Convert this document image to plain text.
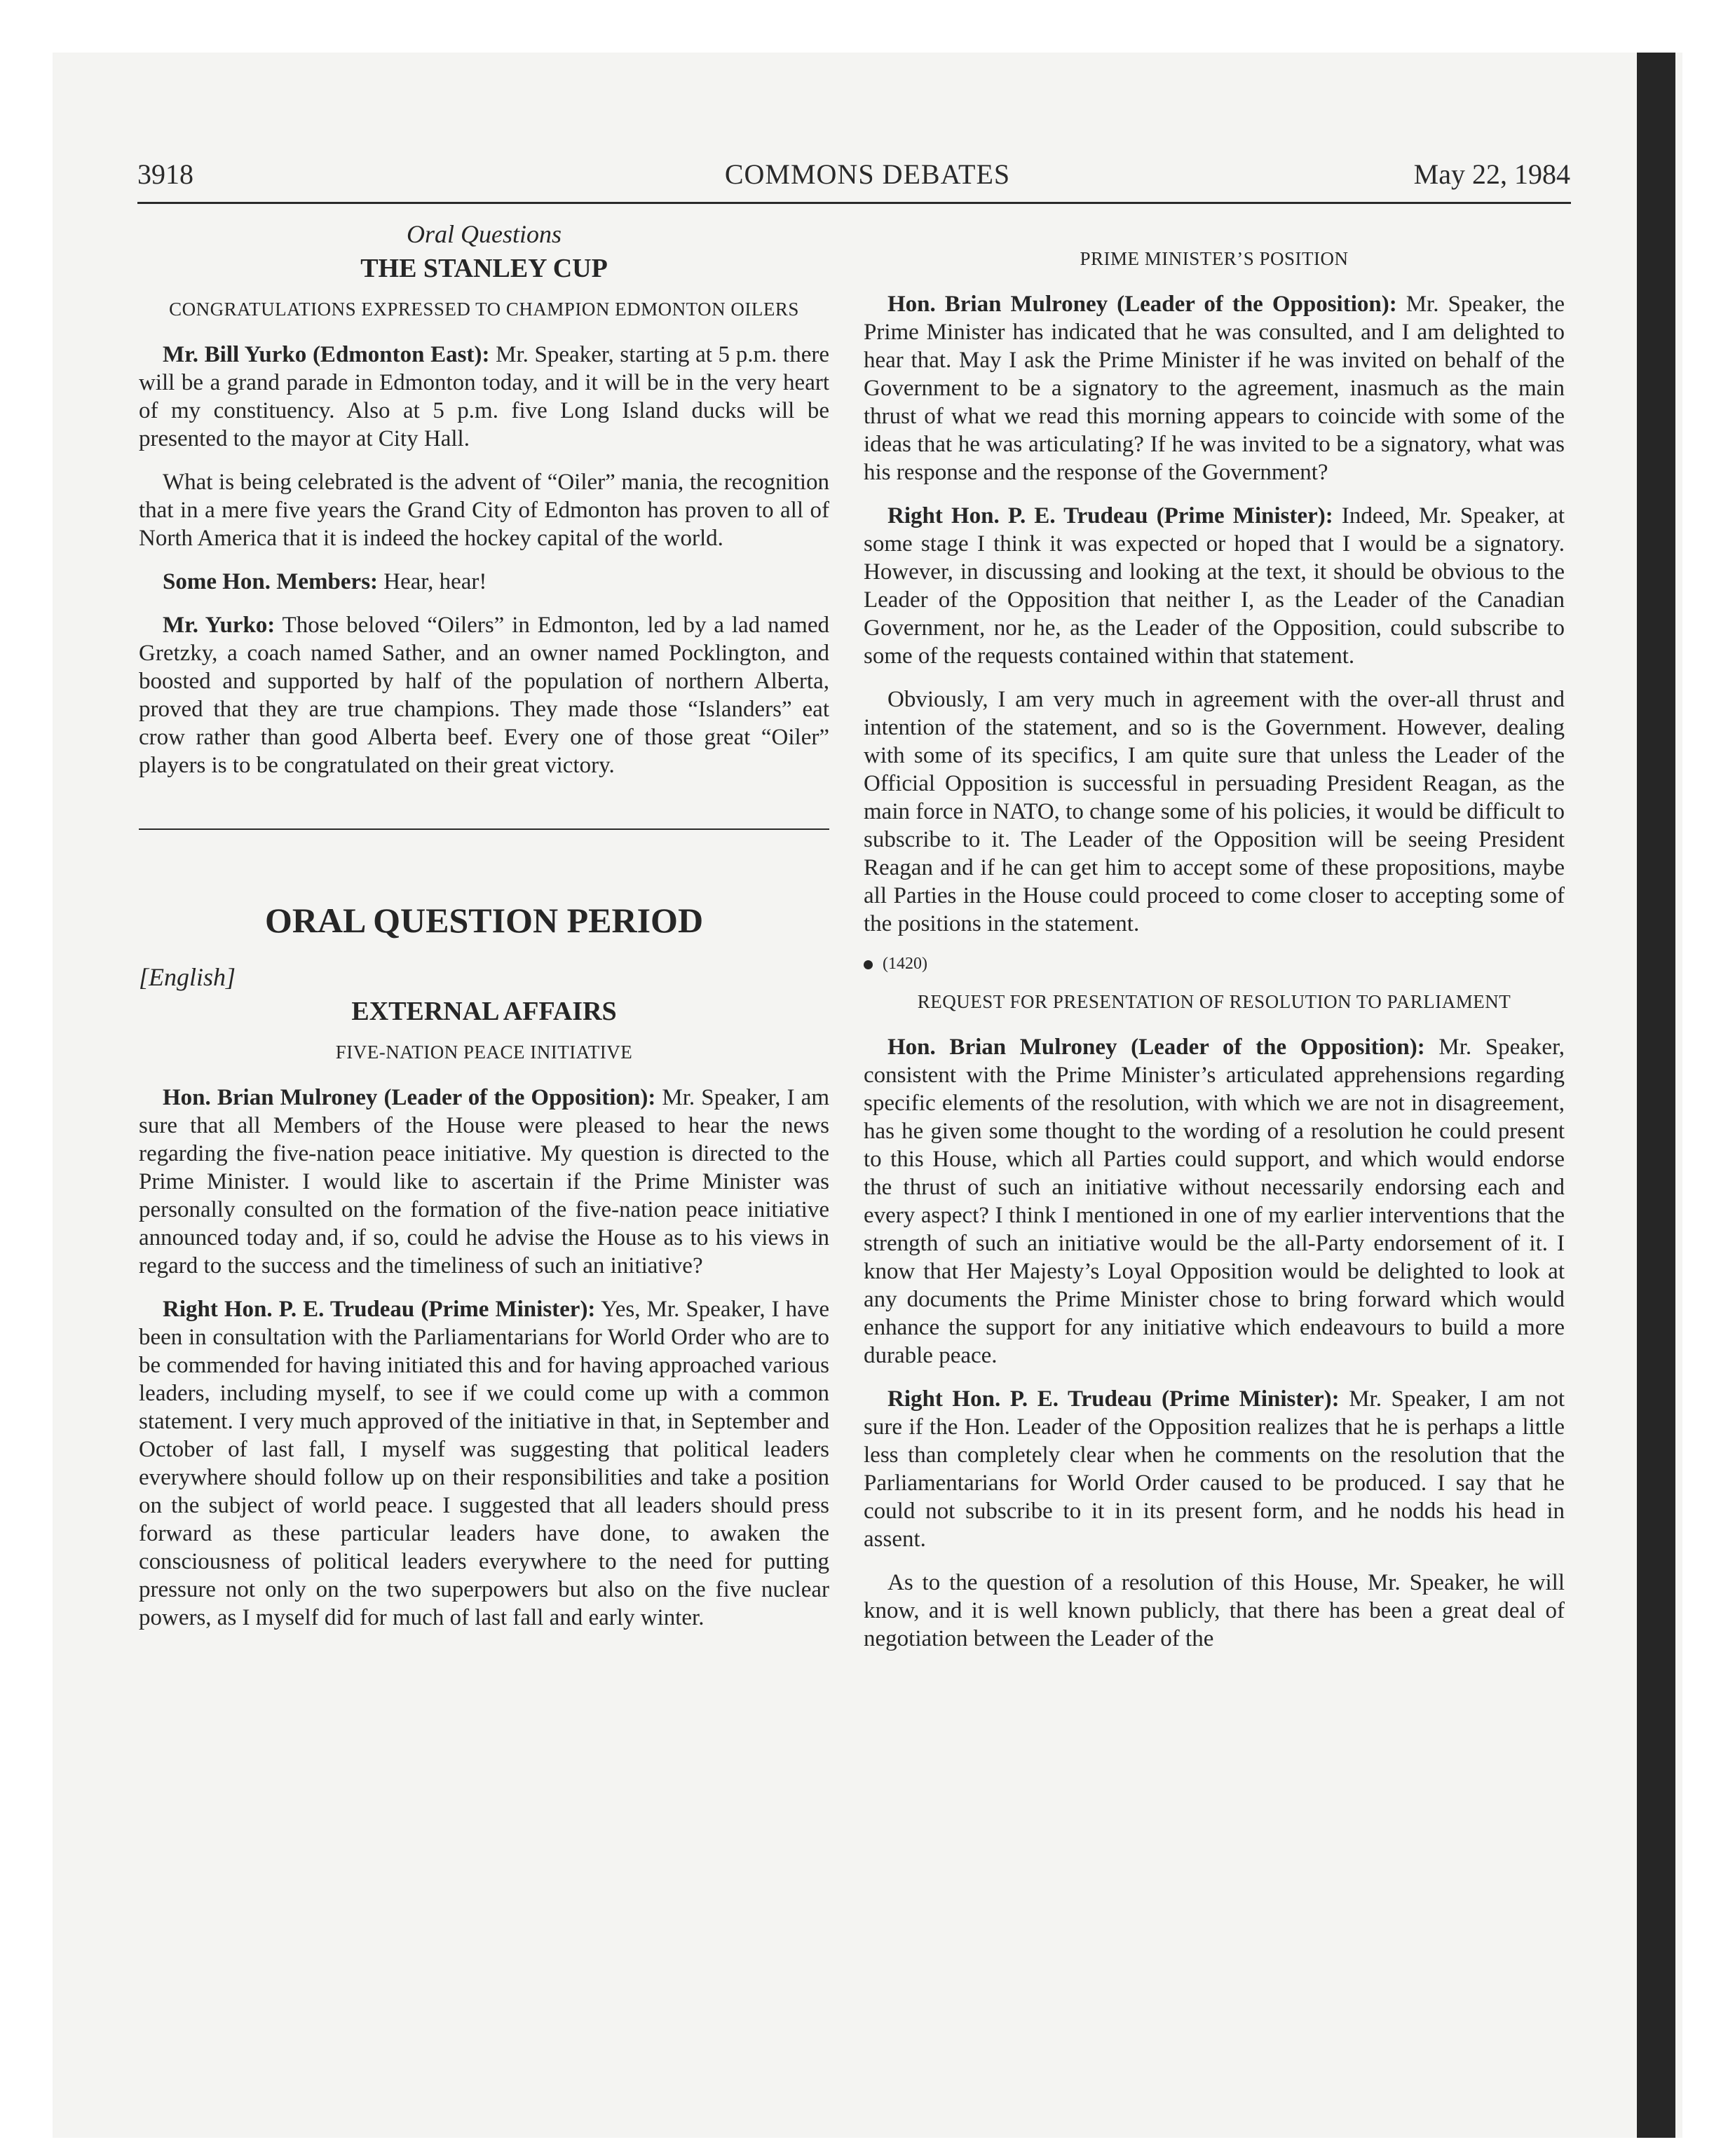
3918	COMMONS DEBATES	May 22, 1984

Oral Questions

THE STANLEY CUP

CONGRATULATIONS EXPRESSED TO CHAMPION EDMONTON OILERS

Mr. Bill Yurko (Edmonton East): Mr. Speaker, starting at 5 p.m. there will be a grand parade in Edmonton today, and it will be in the very heart of my constituency. Also at 5 p.m. five Long Island ducks will be presented to the mayor at City Hall.

What is being celebrated is the advent of “Oiler” mania, the recognition that in a mere five years the Grand City of Edmonton has proven to all of North America that it is indeed the hockey capital of the world.

Some Hon. Members: Hear, hear!

Mr. Yurko: Those beloved “Oilers” in Edmonton, led by a lad named Gretzky, a coach named Sather, and an owner named Pocklington, and boosted and supported by half of the population of northern Alberta, proved that they are true champions. They made those “Islanders” eat crow rather than good Alberta beef. Every one of those great “Oiler” players is to be congratulated on their great victory.

ORAL QUESTION PERIOD

[English]

EXTERNAL AFFAIRS

FIVE-NATION PEACE INITIATIVE

Hon. Brian Mulroney (Leader of the Opposition): Mr. Speaker, I am sure that all Members of the House were pleased to hear the news regarding the five-nation peace initiative. My question is directed to the Prime Minister. I would like to ascertain if the Prime Minister was personally consulted on the formation of the five-nation peace initiative announced today and, if so, could he advise the House as to his views in regard to the success and the timeliness of such an initiative?

Right Hon. P. E. Trudeau (Prime Minister): Yes, Mr. Speaker, I have been in consultation with the Parliamentarians for World Order who are to be commended for having initiated this and for having approached various leaders, including myself, to see if we could come up with a common statement. I very much approved of the initiative in that, in September and October of last fall, I myself was suggesting that political leaders everywhere should follow up on their responsibilities and take a position on the subject of world peace. I suggested that all leaders should press forward as these particular leaders have done, to awaken the consciousness of political leaders everywhere to the need for putting pressure not only on the two superpowers but also on the five nuclear powers, as I myself did for much of last fall and early winter.

PRIME MINISTER’S POSITION

Hon. Brian Mulroney (Leader of the Opposition): Mr. Speaker, the Prime Minister has indicated that he was consulted, and I am delighted to hear that. May I ask the Prime Minister if he was invited on behalf of the Government to be a signatory to the agreement, inasmuch as the main thrust of what we read this morning appears to coincide with some of the ideas that he was articulating? If he was invited to be a signatory, what was his response and the response of the Government?

Right Hon. P. E. Trudeau (Prime Minister): Indeed, Mr. Speaker, at some stage I think it was expected or hoped that I would be a signatory. However, in discussing and looking at the text, it should be obvious to the Leader of the Opposition that neither I, as the Leader of the Canadian Government, nor he, as the Leader of the Opposition, could subscribe to some of the requests contained within that statement.

Obviously, I am very much in agreement with the over-all thrust and intention of the statement, and so is the Government. However, dealing with some of its specifics, I am quite sure that unless the Leader of the Official Opposition is successful in persuading President Reagan, as the main force in NATO, to change some of his policies, it would be difficult to subscribe to it. The Leader of the Opposition will be seeing President Reagan and if he can get him to accept some of these propositions, maybe all Parties in the House could proceed to come closer to accepting some of the positions in the statement.

(1420)

REQUEST FOR PRESENTATION OF RESOLUTION TO PARLIAMENT

Hon. Brian Mulroney (Leader of the Opposition): Mr. Speaker, consistent with the Prime Minister’s articulated apprehensions regarding specific elements of the resolution, with which we are not in disagreement, has he given some thought to the wording of a resolution he could present to this House, which all Parties could support, and which would endorse the thrust of such an initiative without necessarily endorsing each and every aspect? I think I mentioned in one of my earlier interventions that the strength of such an initiative would be the all-Party endorsement of it. I know that Her Majesty’s Loyal Opposition would be delighted to look at any documents the Prime Minister chose to bring forward which would enhance the support for any initiative which endeavours to build a more durable peace.

Right Hon. P. E. Trudeau (Prime Minister): Mr. Speaker, I am not sure if the Hon. Leader of the Opposition realizes that he is perhaps a little less than completely clear when he comments on the resolution that the Parliamentarians for World Order caused to be produced. I say that he could not subscribe to it in its present form, and he nodds his head in assent.

As to the question of a resolution of this House, Mr. Speaker, he will know, and it is well known publicly, that there has been a great deal of negotiation between the Leader of the
